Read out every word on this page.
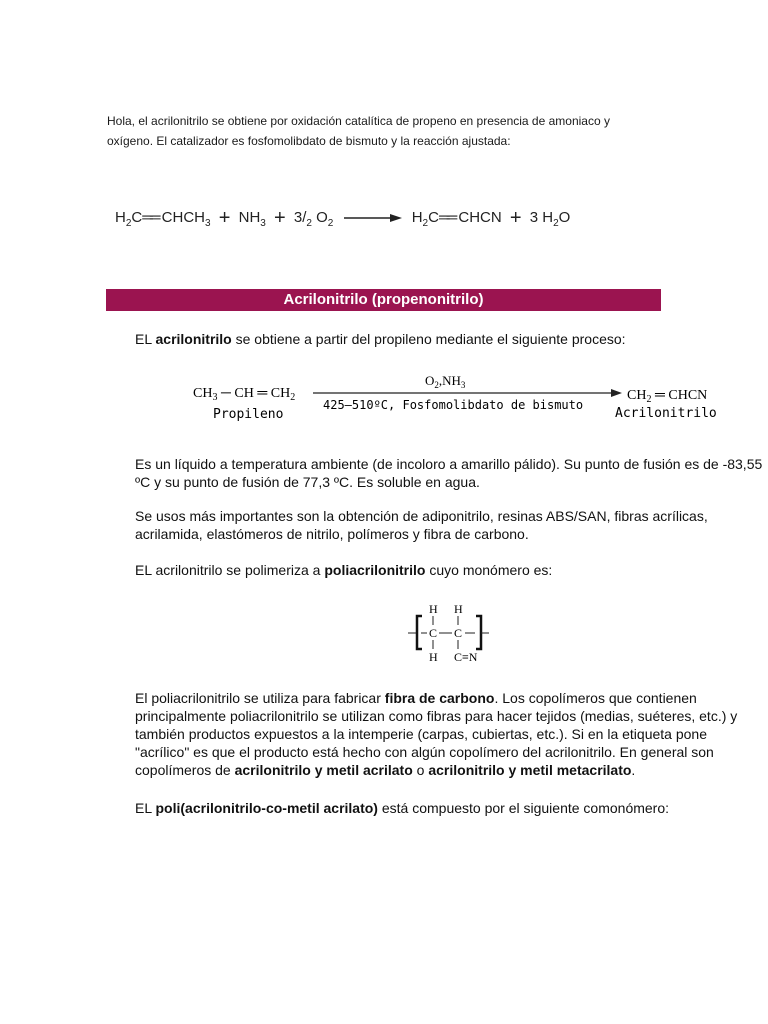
Hola, el acrilonitrilo se obtiene por oxidación catalítica de propeno en presencia de amoniaco y
oxígeno. El catalizador es fosfomolibdato de bismuto y la reacción ajustada:
$H_2C══$ $CHCH_3 + NH_3 + 3/_2$ $O_2$ → $H_2C══$ CHCN + 3 $H_2O$
Acrilonitrilo (propenonitrilo)
EL acrilonitrilo se obtiene a partir del propileno mediante el siguiente proceso:
$CH_3$ ─ CH ═ $CH_2$
Propileno
$O_2,NH_3$
425–510ºC, Fosfomolibdato de bismuto
$CH_2$ ═ CHCN
Acrilonitrilo
Es un líquido a temperatura ambiente (de incoloro a amarillo pálido). Su punto de fusión es de -83,55 ºC y su punto de fusión de 77,3 ºC. Es soluble en agua.
Se usos más importantes son la obtención de adiponitrilo, resinas ABS/SAN, fibras acrílicas, acrilamida, elastómeros de nitrilo, polímeros y fibra de carbono.
EL acrilonitrilo se polimeriza a poliacrilonitrilo cuyo monómero es:
H H
C C
H C≡N
El poliacrilonitrilo se utiliza para fabricar fibra de carbono. Los copolímeros que contienen principalmente poliacrilonitrilo se utilizan como fibras para hacer tejidos (medias, suéteres, etc.) y también productos expuestos a la intemperie (carpas, cubiertas, etc.). Si en la etiqueta pone "acrílico" es que el producto está hecho con algún copolímero del acrilonitrilo. En general son copolímeros de acrilonitrilo y metil acrilato o acrilonitrilo y metil metacrilato.
EL poli(acrilonitrilo-co-metil acrilato) está compuesto por el siguiente comonómero:
